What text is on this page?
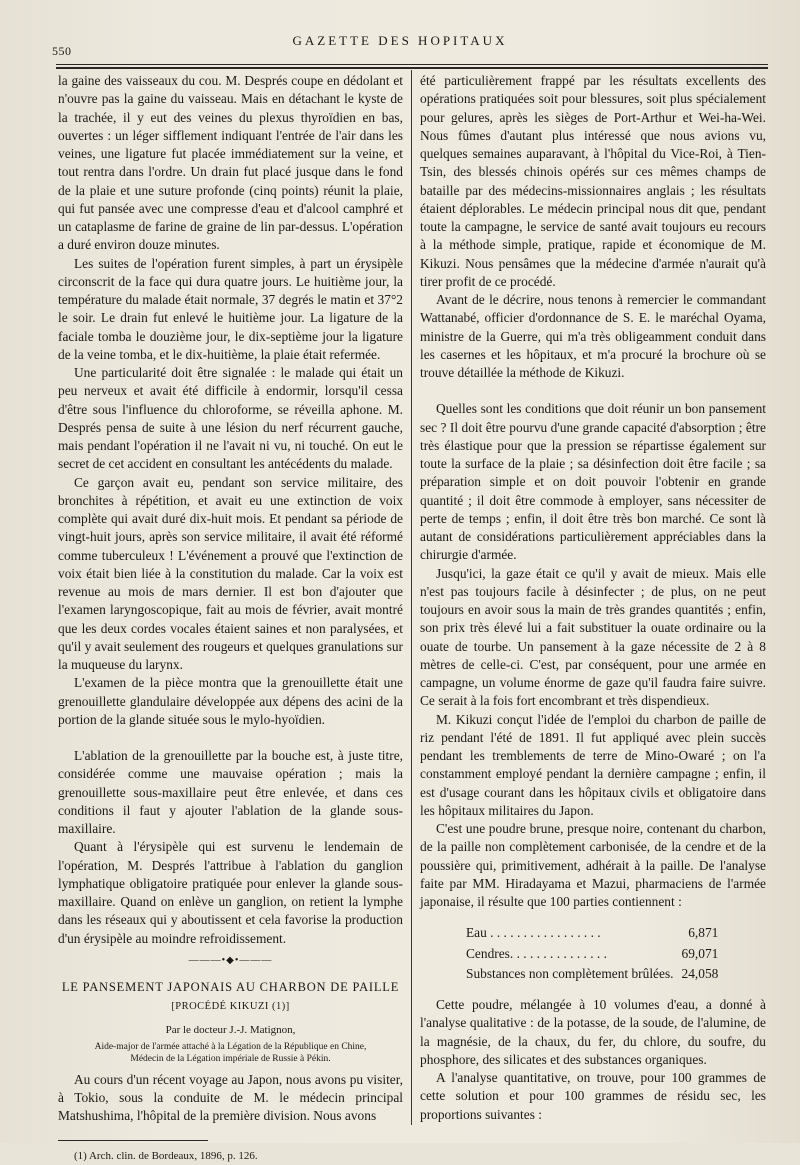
550
GAZETTE DES HOPITAUX

la gaine des vaisseaux du cou. M. Després coupe en dédolant et n'ouvre pas la gaine du vaisseau. Mais en détachant le kyste de la trachée, il y eut des veines du plexus thyroïdien en bas, ouvertes : un léger sifflement indiquant l'entrée de l'air dans les veines, une ligature fut placée immédiatement sur la veine, et tout rentra dans l'ordre. Un drain fut placé jusque dans le fond de la plaie et une suture profonde (cinq points) réunit la plaie, qui fut pansée avec une compresse d'eau et d'alcool camphré et un cataplasme de farine de graine de lin par-dessus. L'opération a duré environ douze minutes.

Les suites de l'opération furent simples, à part un érysipèle circonscrit de la face qui dura quatre jours. Le huitième jour, la température du malade était normale, 37 degrés le matin et 37°2 le soir. Le drain fut enlevé le huitième jour. La ligature de la faciale tomba le douzième jour, le dix-septième jour la ligature de la veine tomba, et le dix-huitième, la plaie était refermée.

Une particularité doit être signalée : le malade qui était un peu nerveux et avait été difficile à endormir, lorsqu'il cessa d'être sous l'influence du chloroforme, se réveilla aphone. M. Després pensa de suite à une lésion du nerf récurrent gauche, mais pendant l'opération il ne l'avait ni vu, ni touché. On eut le secret de cet accident en consultant les antécédents du malade.

Ce garçon avait eu, pendant son service militaire, des bronchites à répétition, et avait eu une extinction de voix complète qui avait duré dix-huit mois. Et pendant sa période de vingt-huit jours, après son service militaire, il avait été réformé comme tuberculeux ! L'événement a prouvé que l'extinction de voix était bien liée à la constitution du malade. Car la voix est revenue au mois de mars dernier. Il est bon d'ajouter que l'examen laryngoscopique, fait au mois de février, avait montré que les deux cordes vocales étaient saines et non paralysées, et qu'il y avait seulement des rougeurs et quelques granulations sur la muqueuse du larynx.

L'examen de la pièce montra que la grenouillette était une grenouillette glandulaire développée aux dépens des acini de la portion de la glande située sous le mylo-hyoïdien.

L'ablation de la grenouillette par la bouche est, à juste titre, considérée comme une mauvaise opération ; mais la grenouillette sous-maxillaire peut être enlevée, et dans ces conditions il faut y ajouter l'ablation de la glande sous-maxillaire.

Quant à l'érysipèle qui est survenu le lendemain de l'opération, M. Després l'attribue à l'ablation du ganglion lymphatique obligatoire pratiquée pour enlever la glande sous-maxillaire. Quand on enlève un ganglion, on retient la lymphe dans les réseaux qui y aboutissent et cela favorise la production d'un érysipèle au moindre refroidissement.

———•◆•———
LE PANSEMENT JAPONAIS AU CHARBON DE PAILLE
[PROCÉDÉ KIKUZI (1)]
Par le docteur J.-J. Matignon,
Aide-major de l'armée attaché à la Légation de la République en Chine,
Médecin de la Légation impériale de Russie à Pékin.

Au cours d'un récent voyage au Japon, nous avons pu visiter, à Tokio, sous la conduite de M. le médecin principal Matshushima, l'hôpital de la première division. Nous avons

(1) Arch. clin. de Bordeaux, 1896, p. 126.

été particulièrement frappé par les résultats excellents des opérations pratiquées soit pour blessures, soit plus spécialement pour gelures, après les sièges de Port-Arthur et Wei-ha-Wei. Nous fûmes d'autant plus intéressé que nous avions vu, quelques semaines auparavant, à l'hôpital du Vice-Roi, à Tien-Tsin, des blessés chinois opérés sur ces mêmes champs de bataille par des médecins-missionnaires anglais ; les résultats étaient déplorables. Le médecin principal nous dit que, pendant toute la campagne, le service de santé avait toujours eu recours à la méthode simple, pratique, rapide et économique de M. Kikuzi. Nous pensâmes que la médecine d'armée n'aurait qu'à tirer profit de ce procédé.

Avant de le décrire, nous tenons à remercier le commandant Wattanabé, officier d'ordonnance de S. E. le maréchal Oyama, ministre de la Guerre, qui m'a très obligeamment conduit dans les casernes et les hôpitaux, et m'a procuré la brochure où se trouve détaillée la méthode de Kikuzi.

Quelles sont les conditions que doit réunir un bon pansement sec ? Il doit être pourvu d'une grande capacité d'absorption ; être très élastique pour que la pression se répartisse également sur toute la surface de la plaie ; sa désinfection doit être facile ; sa préparation simple et on doit pouvoir l'obtenir en grande quantité ; il doit être commode à employer, sans nécessiter de perte de temps ; enfin, il doit être très bon marché. Ce sont là autant de considérations particulièrement appréciables dans la chirurgie d'armée.

Jusqu'ici, la gaze était ce qu'il y avait de mieux. Mais elle n'est pas toujours facile à désinfecter ; de plus, on ne peut toujours en avoir sous la main de très grandes quantités ; enfin, son prix très élevé lui a fait substituer la ouate ordinaire ou la ouate de tourbe. Un pansement à la gaze nécessite de 2 à 8 mètres de celle-ci. C'est, par conséquent, pour une armée en campagne, un volume énorme de gaze qu'il faudra faire suivre. Ce serait à la fois fort encombrant et très dispendieux.

M. Kikuzi conçut l'idée de l'emploi du charbon de paille de riz pendant l'été de 1891. Il fut appliqué avec plein succès pendant les tremblements de terre de Mino-Owaré ; on l'a constamment employé pendant la dernière campagne ; enfin, il est d'usage courant dans les hôpitaux civils et obligatoire dans les hôpitaux militaires du Japon.

C'est une poudre brune, presque noire, contenant du charbon, de la paille non complètement carbonisée, de la cendre et de la poussière qui, primitivement, adhérait à la paille. De l'analyse faite par MM. Hiradayama et Mazui, pharmaciens de l'armée japonaise, il résulte que 100 parties contiennent :

Eau . . . . . . . . . . . . . . . . .	6,871
Cendres. . . . . . . . . . . . . . .	69,071
Substances non complètement brûlées.	24,058

Cette poudre, mélangée à 10 volumes d'eau, a donné à l'analyse qualitative : de la potasse, de la soude, de l'alumine, de la magnésie, de la chaux, du fer, du chlore, du soufre, du phosphore, des silicates et des substances organiques.

A l'analyse quantitative, on trouve, pour 100 grammes de cette solution et pour 100 grammes de résidu sec, les proportions suivantes :
